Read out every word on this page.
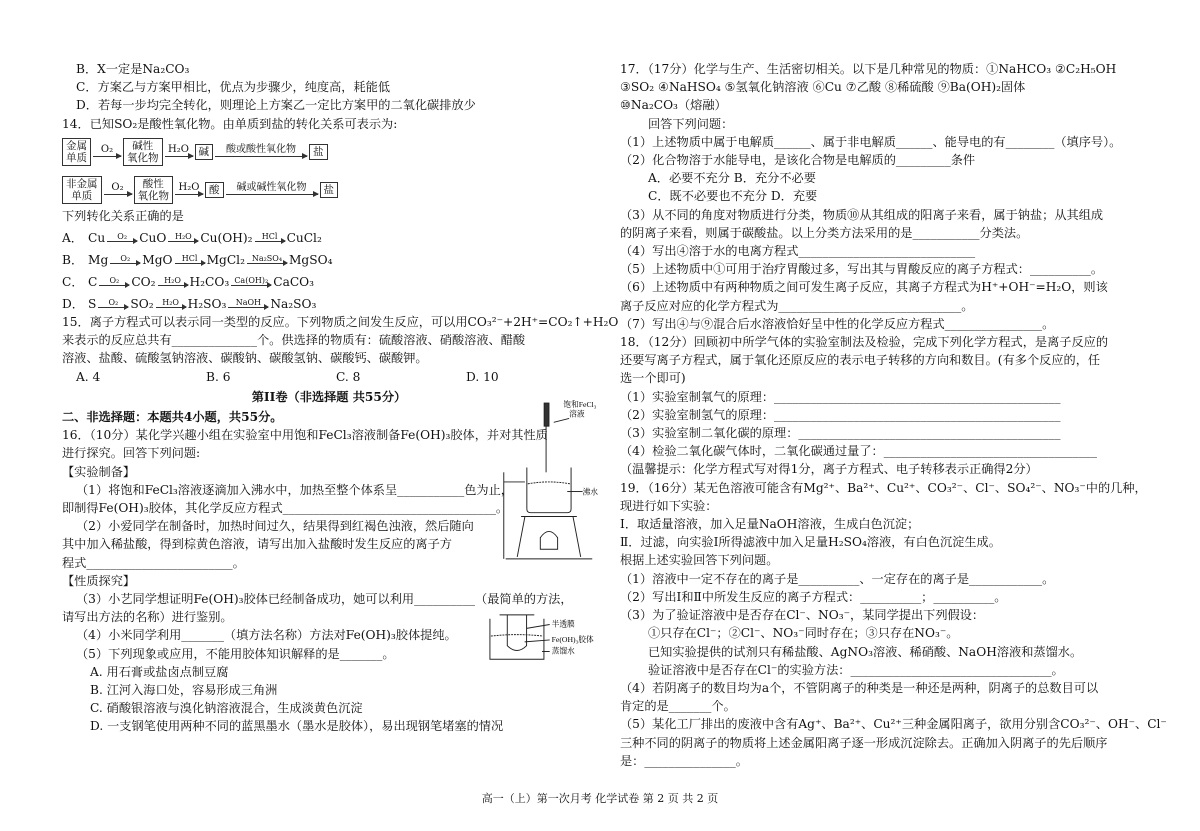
B．X一定是Na₂CO₃
C．方案乙与方案甲相比，优点为步骤少，纯度高，耗能低
D．若每一步均完全转化，则理论上方案乙一定比方案甲的二氧化碳排放少
14．已知SO₂是酸性氧化物。由单质到盐的转化关系可表示为:
金属
单质
O₂	碱性
氧化物
H₂O 碱	酸或酸性氧化物	盐
非金属
单质
O₂	酸性
氧化物
H₂O 酸	碱或碱性氧化物	盐
下列转化关系正确的是
A． Cu	O₂ CuO	H₂O Cu(OH)₂	HCl CuCl₂
B． Mg	O₂ MgO	HCl MgCl₂ Na₂SO₄ MgSO₄
C． C	O₂ CO₂	H₂O H₂CO₃ Ca(OH)₂ CaCO₃
D． S	O₂ SO₂	H₂O H₂SO₃	NaOH Na₂SO₃
15．离子方程式可以表示同一类型的反应。下列物质之间发生反应，可以用CO₃²⁻+2H⁺=CO₂↑+H₂O
来表示的反应总共有______________个。供选择的物质有：硫酸溶液、硝酸溶液、醋酸
溶液、盐酸、硫酸氢钠溶液、碳酸钠、碳酸氢钠、碳酸钙、碳酸钾。
A. 4	B. 6	C. 8	D. 10
第II卷（非选择题 共55分）
二、非选择题：本题共4小题，共55分。
16．（10分）某化学兴趣小组在实验室中用饱和FeCl₃溶液制备Fe(OH)₃胶体，并对其性质
进行探究。回答下列问题:
【实验制备】
（1）将饱和FeCl₃溶液逐滴加入沸水中，加热至整个体系呈___________色为止，
即制得Fe(OH)₃胶体，其化学反应方程式___________________________________。
（2）小爱同学在制备时，加热时间过久，结果得到红褐色浊液，然后随向
其中加入稀盐酸，得到棕黄色溶液，请写出加入盐酸时发生反应的离子方
程式________________________。
【性质探究】
（3）小艺同学想证明Fe(OH)₃胶体已经制备成功，她可以利用__________（最简单的方法，
请写出方法的名称）进行鉴别。
（4）小米同学利用_______（填方法名称）方法对Fe(OH)₃胶体提纯。
（5）下列现象或应用，不能用胶体知识解释的是_______。
A. 用石膏或盐卤点制豆腐
B. 江河入海口处，容易形成三角洲
C. 硝酸银溶液与溴化钠溶液混合，生成淡黄色沉淀
D. 一支钢笔使用两种不同的蓝黑墨水（墨水是胶体），易出现钢笔堵塞的情况
饱和FeCl₃
溶液
沸水
半透膜
Fe(OH)₃胶体
蒸馏水
17．（17分）化学与生产、生活密切相关。以下是几种常见的物质：①NaHCO₃ ②C₂H₅OH
③SO₂ ④NaHSO₄ ⑤氢氧化钠溶液 ⑥Cu ⑦乙酸 ⑧稀硫酸 ⑨Ba(OH)₂固体
⑩Na₂CO₃（熔融）
回答下列问题：
（1）上述物质中属于电解质______、属于非电解质______、能导电的有________（填序号）。
（2）化合物溶于水能导电，是该化合物是电解质的_________条件
A．必要不充分 B．充分不必要
C．既不必要也不充分 D．充要
（3）从不同的角度对物质进行分类，物质⑩从其组成的阳离子来看，属于钠盐；从其组成
的阴离子来看，则属于碳酸盐。以上分类方法采用的是___________分类法。
（4）写出④溶于水的电离方程式_____________________________
（5）上述物质中①可用于治疗胃酸过多，写出其与胃酸反应的离子方程式：__________。
（6）上述物质中有两种物质之间可发生离子反应，其离子方程式为H⁺+OH⁻=H₂O，则该
离子反应对应的化学方程式为______________________________。
（7）写出④与⑨混合后水溶液恰好呈中性的化学反应方程式________________。
18．（12分）回顾初中所学气体的实验室制法及检验，完成下列化学方程式，是离子反应的
还要写离子方程式，属于氧化还原反应的表示电子转移的方向和数目。(有多个反应的，任
选一个即可)
（1）实验室制氧气的原理：_______________________________________________
（2）实验室制氢气的原理：_______________________________________________
（3）实验室制二氧化碳的原理：___________________________________________
（4）检验二氧化碳气体时，二氧化碳通过量了：___________________________________
（温馨提示：化学方程式写对得1分，离子方程式、电子转移表示正确得2分）
19．（16分）某无色溶液可能含有Mg²⁺、Ba²⁺、Cu²⁺、CO₃²⁻、Cl⁻、SO₄²⁻、NO₃⁻中的几种，
现进行如下实验：
Ⅰ．取适量溶液，加入足量NaOH溶液，生成白色沉淀；
Ⅱ．过滤，向实验Ⅰ所得滤液中加入足量H₂SO₄溶液，有白色沉淀生成。
根据上述实验回答下列问题。
（1）溶液中一定不存在的离子是__________、一定存在的离子是____________。
（2）写出Ⅰ和Ⅱ中所发生反应的离子方程式：__________；__________。
（3）为了验证溶液中是否存在Cl⁻、NO₃⁻，某同学提出下列假设：
①只存在Cl⁻；②Cl⁻、NO₃⁻同时存在；③只存在NO₃⁻。
已知实验提供的试剂只有稀盐酸、AgNO₃溶液、稀硝酸、NaOH溶液和蒸馏水。
验证溶液中是否存在Cl⁻的实验方法：_________________________________。
（4）若阴离子的数目均为a个，不管阴离子的种类是一种还是两种，阴离子的总数目可以
肯定的是_______个。
（5）某化工厂排出的废液中含有Ag⁺、Ba²⁺、Cu²⁺三种金属阳离子，欲用分别含CO₃²⁻、OH⁻、Cl⁻
三种不同的阴离子的物质将上述金属阳离子逐一形成沉淀除去。正确加入阴离子的先后顺序
是：_______________。
高一（上）第一次月考 化学试卷 第 2 页 共 2 页
